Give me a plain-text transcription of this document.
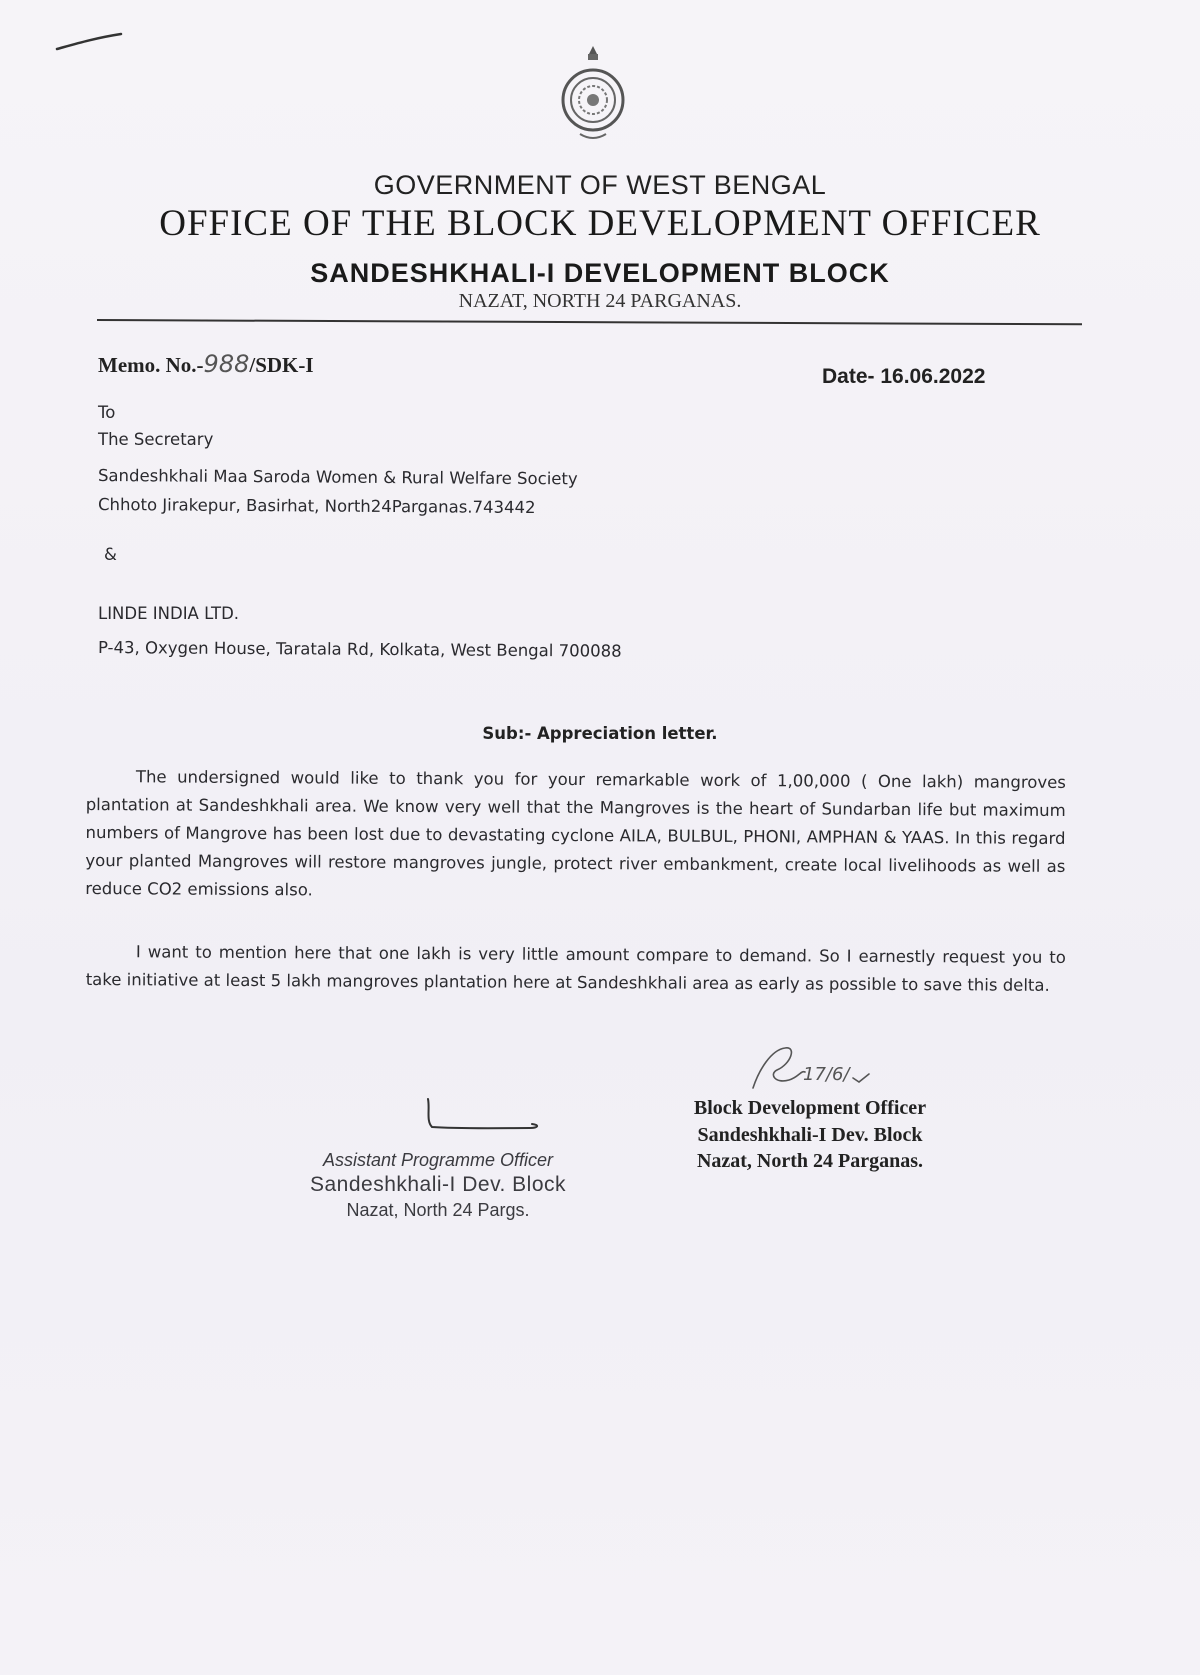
GOVERNMENT OF WEST BENGAL
OFFICE OF THE BLOCK DEVELOPMENT OFFICER
SANDESHKHALI-I DEVELOPMENT BLOCK
NAZAT, NORTH 24 PARGANAS.
Memo. No.-988/SDK-I	Date- 16.06.2022
To
The Secretary
Sandeshkhali Maa Saroda Women & Rural Welfare Society
Chhoto Jirakepur, Basirhat, North24Parganas.743442
&
LINDE INDIA LTD.
P-43, Oxygen House, Taratala Rd, Kolkata, West Bengal 700088
Sub:- Appreciation letter.
The undersigned would like to thank you for your remarkable work of 1,00,000 ( One lakh) mangroves plantation at Sandeshkhali area. We know very well that the Mangroves is the heart of Sundarban life but maximum numbers of Mangrove has been lost due to devastating cyclone AILA, BULBUL, PHONI, AMPHAN & YAAS. In this regard your planted Mangroves will restore mangroves jungle, protect river embankment, create local livelihoods as well as reduce CO2 emissions also.
I want to mention here that one lakh is very little amount compare to demand. So I earnestly request you to take initiative at least 5 lakh mangroves plantation here at Sandeshkhali area as early as possible to save this delta.
Assistant Programme Officer
Sandeshkhali-I Dev. Block
Nazat, North 24 Pargs.
17/6/
Block Development Officer
Sandeshkhali-I Dev. Block
Nazat, North 24 Parganas.
